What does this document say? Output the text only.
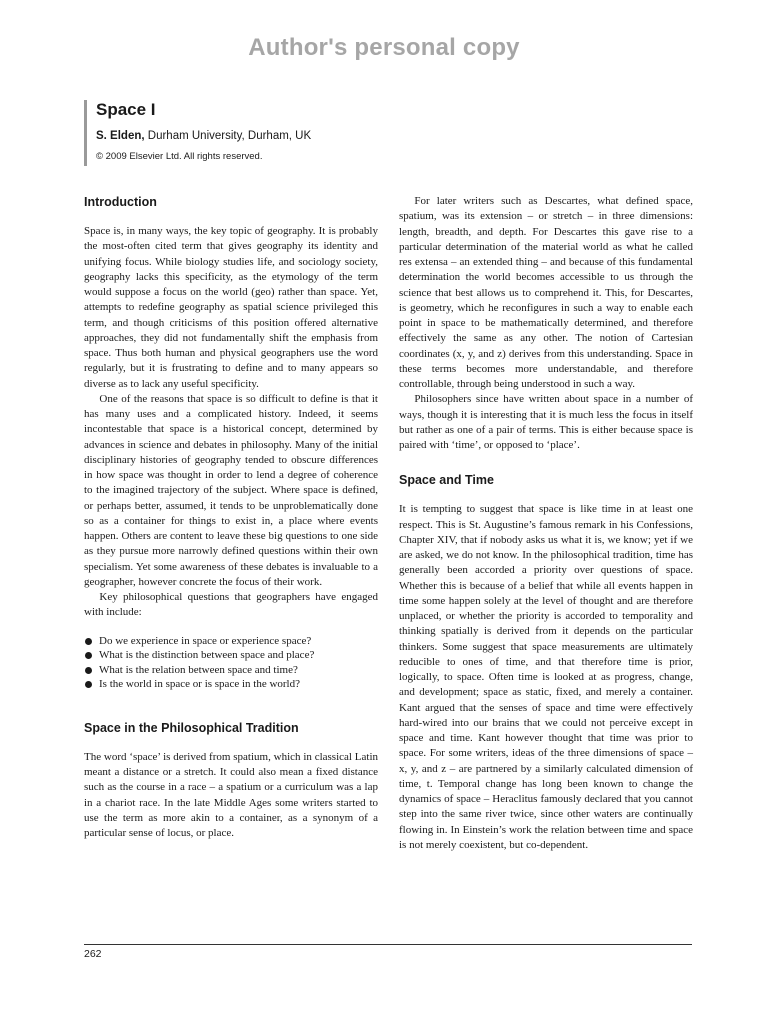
Author's personal copy
Space I
S. Elden, Durham University, Durham, UK
© 2009 Elsevier Ltd. All rights reserved.
Introduction

Space is, in many ways, the key topic of geography. It is probably the most-often cited term that gives geography its identity and unifying focus. While biology studies life, and sociology society, geography lacks this specificity, as the etymology of the term would suppose a focus on the world (geo) rather than space. Yet, attempts to redefine geography as spatial science privileged this term, and though criticisms of this position offered alternative approaches, they did not fundamentally shift the emphasis from space. Thus both human and physical geographers use the word regularly, but it is frustrating to define and to many appears so diverse as to lack any useful specificity.

One of the reasons that space is so difficult to define is that it has many uses and a complicated history. Indeed, it seems incontestable that space is a historical concept, determined by advances in science and debates in philosophy. Many of the initial disciplinary histories of geography tended to obscure differences in how space was thought in order to lend a degree of coherence to the imagined trajectory of the subject. Where space is defined, or perhaps better, assumed, it tends to be unproblematically done so as a container for things to exist in, a place where events happen. Others are content to leave these big questions to one side as they pursue more narrowly defined questions within their own specialism. Yet some awareness of these debates is invaluable to a geographer, however concrete the focus of their work.

Key philosophical questions that geographers have engaged with include:

Do we experience in space or experience space?
What is the distinction between space and place?
What is the relation between space and time?
Is the world in space or is space in the world?
Space in the Philosophical Tradition

The word ‘space’ is derived from spatium, which in classical Latin meant a distance or a stretch. It could also mean a fixed distance such as the course in a race – a spatium or a curriculum was a lap in a chariot race. In the late Middle Ages some writers started to use the term as more akin to a container, as a synonym of a particular sense of locus, or place.

For later writers such as Descartes, what defined space, spatium, was its extension – or stretch – in three dimensions: length, breadth, and depth. For Descartes this gave rise to a particular determination of the material world as what he called res extensa – an extended thing – and because of this fundamental determination the world becomes accessible to us through the science that best allows us to comprehend it. This, for Descartes, is geometry, which he reconfigures in such a way to enable each point in space to be mathematically determined, and therefore effectively the same as any other. The notion of Cartesian coordinates (x, y, and z) derives from this understanding. Space in these terms becomes more understandable, and therefore controllable, through being understood in such a way.

Philosophers since have written about space in a number of ways, though it is interesting that it is much less the focus in itself but rather as one of a pair of terms. This is either because space is paired with ‘time’, or opposed to ‘place’.

Space and Time

It is tempting to suggest that space is like time in at least one respect. This is St. Augustine’s famous remark in his Confessions, Chapter XIV, that if nobody asks us what it is, we know; yet if we are asked, we do not know. In the philosophical tradition, time has generally been accorded a priority over questions of space. Whether this is because of a belief that while all events happen in time some happen solely at the level of thought and are therefore unplaced, or whether the priority is accorded to temporality and thinking spatially is derived from it depends on the particular thinkers. Some suggest that space measurements are ultimately reducible to ones of time, and that therefore time is prior, logically, to space. Often time is looked at as progress, change, and development; space as static, fixed, and merely a container. Kant argued that the senses of space and time were effectively hard-wired into our brains that we could not perceive except in space and time. Kant however thought that time was prior to space. For some writers, ideas of the three dimensions of space – x, y, and z – are partnered by a similarly calculated dimension of time, t. Temporal change has long been known to change the dynamics of space – Heraclitus famously declared that you cannot step into the same river twice, since other waters are continually flowing in. In Einstein’s work the relation between time and space is not merely coexistent, but co-dependent.

262
